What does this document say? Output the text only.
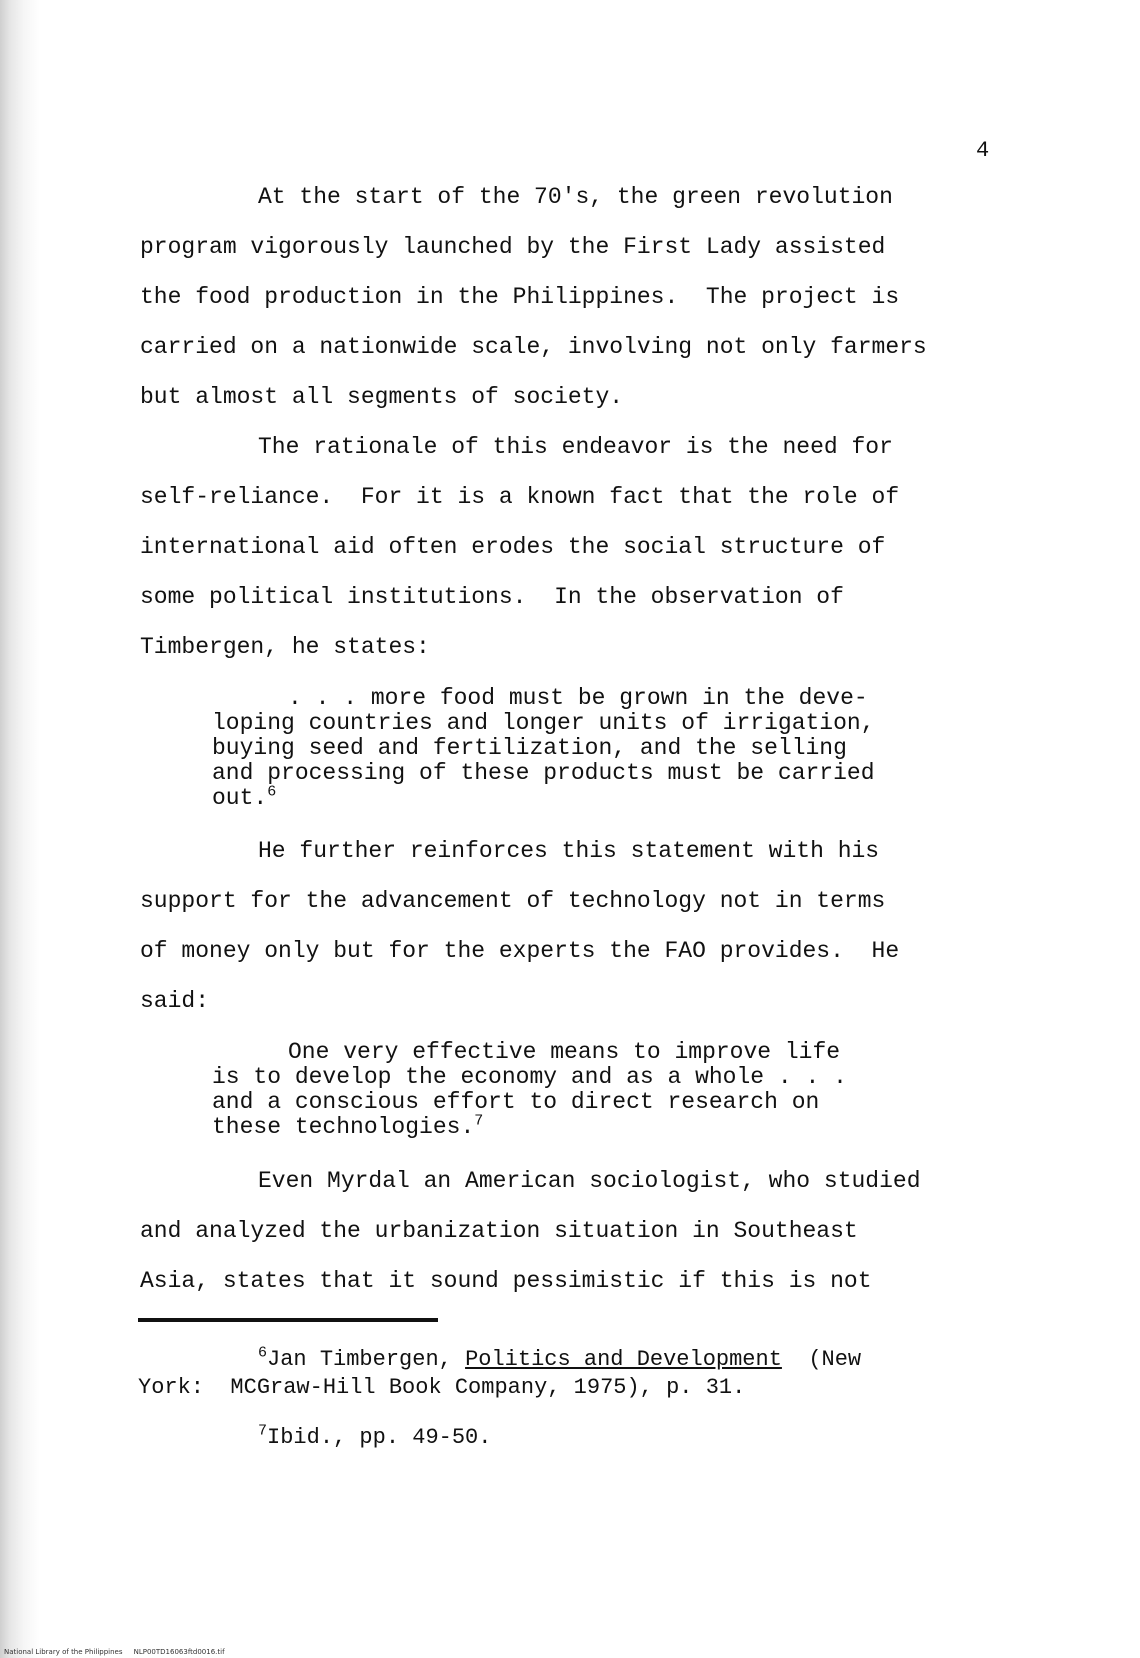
4
At the start of the 70's, the green revolution
program vigorously launched by the First Lady assisted
the food production in the Philippines.  The project is
carried on a nationwide scale, involving not only farmers
but almost all segments of society.
The rationale of this endeavor is the need for
self-reliance.  For it is a known fact that the role of
international aid often erodes the social structure of
some political institutions.  In the observation of
Timbergen, he states:
. . . more food must be grown in the deve-
loping countries and longer units of irrigation,
buying seed and fertilization, and the selling
and processing of these products must be carried
out.$^6$
He further reinforces this statement with his
support for the advancement of technology not in terms
of money only but for the experts the FAO provides.  He
said:
One very effective means to improve life
is to develop the economy and as a whole . . .
and a conscious effort to direct research on
these technologies.$^7$
Even Myrdal an American sociologist, who studied
and analyzed the urbanization situation in Southeast
Asia, states that it sound pessimistic if this is not
$^6$Jan Timbergen, Politics and Development  (New
York:  MCGraw-Hill Book Company, 1975), p. 31.
$^7$Ibid., pp. 49-50.
National Library of the Philippines     NLP00TD16063ftd0016.tif
